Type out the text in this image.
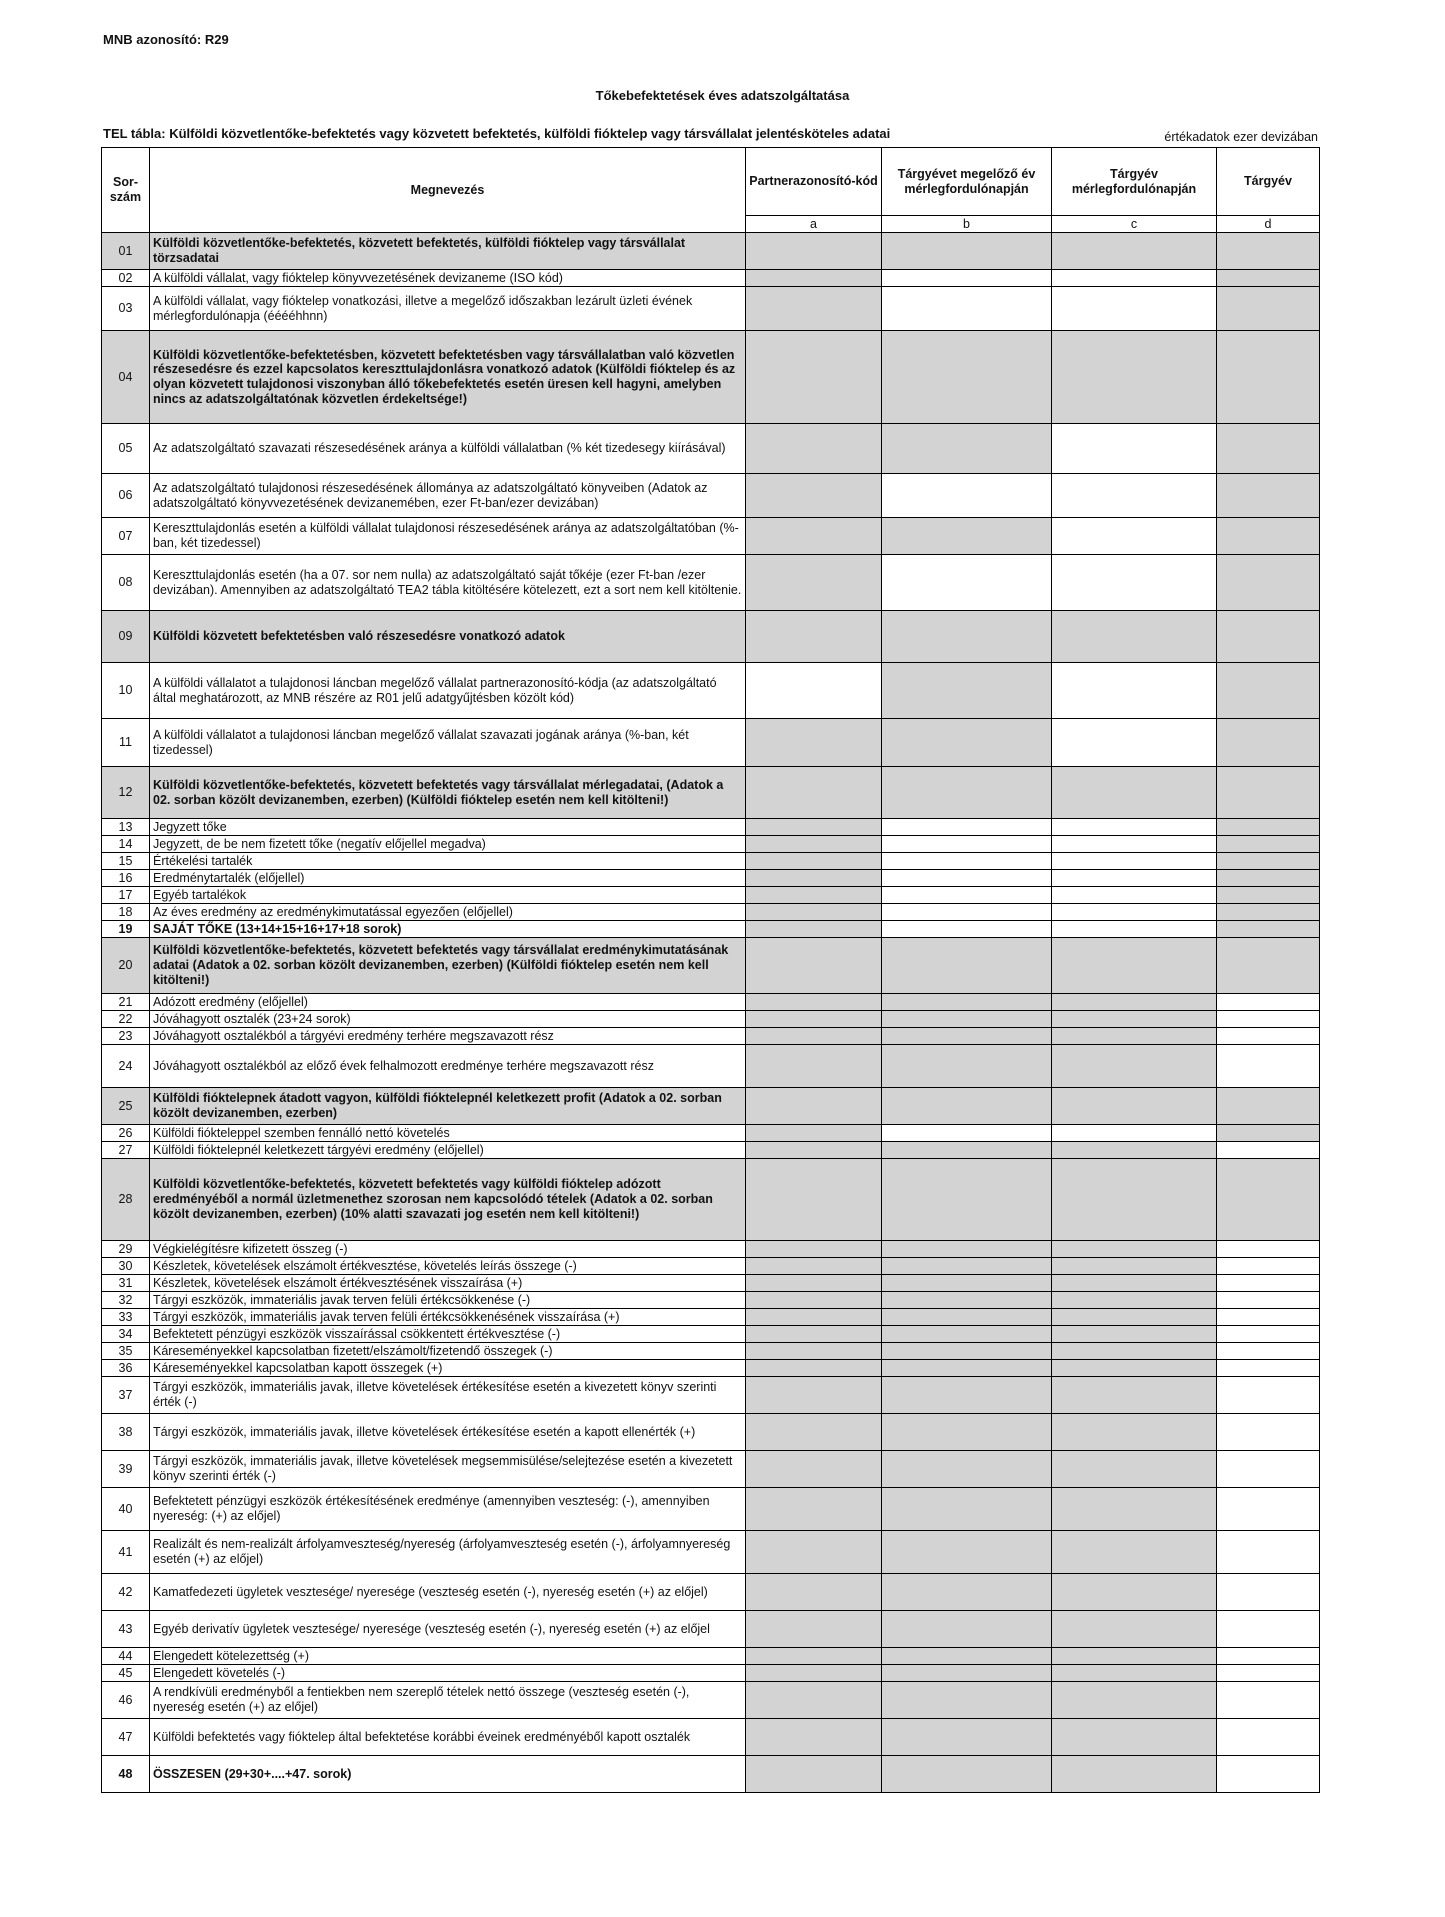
MNB azonosító: R29
Tőkebefektetések éves adatszolgáltatása
TEL tábla: Külföldi közvetlentőke-befektetés vagy közvetett befektetés, külföldi fióktelep vagy társvállalat jelentésköteles adatai	értékadatok ezer devizában
Sor-
szám	Megnevezés	Partnerazonosító-kód	Tárgyévet megelőző év mérlegfordulónapján	Tárgyév mérlegfordulónapján	Tárgyév
		a	b	c	d
01	Külföldi közvetlentőke-befektetés, közvetett befektetés, külföldi fióktelep vagy társvállalat törzsadatai				
02	A külföldi vállalat, vagy fióktelep könyvvezetésének devizaneme (ISO kód)				
03	A külföldi vállalat, vagy fióktelep vonatkozási, illetve a megelőző időszakban lezárult üzleti évének mérlegfordulónapja (ééééhhnn)				
04	Külföldi közvetlentőke-befektetésben, közvetett befektetésben vagy társvállalatban való közvetlen részesedésre és ezzel kapcsolatos kereszttulajdonlásra vonatkozó adatok (Külföldi fióktelep és az olyan közvetett tulajdonosi viszonyban álló tőkebefektetés esetén üresen kell hagyni, amelyben nincs az adatszolgáltatónak közvetlen érdekeltsége!)				
05	Az adatszolgáltató szavazati részesedésének aránya a külföldi vállalatban (% két tizedesegy kiírásával)				
06	Az adatszolgáltató tulajdonosi részesedésének állománya az adatszolgáltató könyveiben (Adatok az adatszolgáltató könyvvezetésének devizanemében, ezer Ft-ban/ezer devizában)				
07	Kereszttulajdonlás esetén a külföldi vállalat tulajdonosi részesedésének aránya az adatszolgáltatóban (%-ban, két tizedessel)				
08	Kereszttulajdonlás esetén (ha a 07. sor nem nulla) az adatszolgáltató saját tőkéje (ezer Ft-ban /ezer devizában). Amennyiben az adatszolgáltató TEA2 tábla kitöltésére kötelezett, ezt a sort nem kell kitöltenie.				
09	Külföldi közvetett befektetésben való részesedésre vonatkozó adatok				
10	A külföldi vállalatot a tulajdonosi láncban megelőző vállalat partnerazonosító-kódja (az adatszolgáltató által meghatározott, az MNB részére az R01 jelű adatgyűjtésben közölt kód)				
11	A külföldi vállalatot a tulajdonosi láncban megelőző vállalat szavazati jogának aránya (%-ban, két tizedessel)				
12	Külföldi közvetlentőke-befektetés, közvetett befektetés vagy társvállalat mérlegadatai, (Adatok a 02. sorban közölt devizanemben, ezerben) (Külföldi fióktelep esetén nem kell kitölteni!)				
13	Jegyzett tőke				
14	Jegyzett, de be nem fizetett tőke (negatív előjellel megadva)				
15	Értékelési tartalék				
16	Eredménytartalék (előjellel)				
17	Egyéb tartalékok				
18	Az éves eredmény az eredménykimutatással egyezően (előjellel)				
19	SAJÁT TŐKE (13+14+15+16+17+18 sorok)				
20	Külföldi közvetlentőke-befektetés, közvetett befektetés vagy társvállalat eredménykimutatásának adatai (Adatok a 02. sorban közölt devizanemben, ezerben) (Külföldi fióktelep esetén nem kell kitölteni!)				
21	Adózott eredmény (előjellel)				
22	Jóváhagyott osztalék (23+24 sorok)				
23	Jóváhagyott osztalékból a tárgyévi eredmény terhére megszavazott rész				
24	Jóváhagyott osztalékból az előző évek felhalmozott eredménye terhére megszavazott rész				
25	Külföldi fióktelepnek átadott vagyon, külföldi fióktelepnél keletkezett profit (Adatok a 02. sorban közölt devizanemben, ezerben)				
26	Külföldi fiókteleppel szemben fennálló nettó követelés				
27	Külföldi fióktelepnél keletkezett tárgyévi eredmény (előjellel)				
28	Külföldi közvetlentőke-befektetés, közvetett befektetés vagy külföldi fióktelep adózott eredményéből a normál üzletmenethez szorosan nem kapcsolódó tételek (Adatok a 02. sorban közölt devizanemben, ezerben) (10% alatti szavazati jog esetén nem kell kitölteni!)				
29	Végkielégítésre kifizetett összeg (-)				
30	Készletek, követelések elszámolt értékvesztése, követelés leírás összege (-)				
31	Készletek, követelések elszámolt értékvesztésének visszaírása (+)				
32	Tárgyi eszközök, immateriális javak terven felüli értékcsökkenése (-)				
33	Tárgyi eszközök, immateriális javak terven felüli értékcsökkenésének visszaírása (+)				
34	Befektetett pénzügyi eszközök visszaírással csökkentett értékvesztése (-)				
35	Káreseményekkel kapcsolatban fizetett/elszámolt/fizetendő összegek (-)				
36	Káreseményekkel kapcsolatban kapott összegek (+)				
37	Tárgyi eszközök, immateriális javak, illetve követelések értékesítése esetén a kivezetett könyv szerinti érték (-)				
38	Tárgyi eszközök, immateriális javak, illetve követelések értékesítése esetén a kapott ellenérték (+)				
39	Tárgyi eszközök, immateriális javak, illetve követelések megsemmisülése/selejtezése esetén a kivezetett könyv szerinti érték (-)				
40	Befektetett pénzügyi eszközök értékesítésének eredménye (amennyiben veszteség: (-), amennyiben nyereség: (+) az előjel)				
41	Realizált és nem-realizált árfolyamveszteség/nyereség (árfolyamveszteség esetén (-), árfolyamnyereség esetén (+) az előjel)				
42	Kamatfedezeti ügyletek vesztesége/ nyeresége (veszteség esetén (-), nyereség esetén (+) az előjel)				
43	Egyéb derivatív ügyletek vesztesége/ nyeresége (veszteség esetén (-), nyereség esetén (+) az előjel				
44	Elengedett kötelezettség (+)				
45	Elengedett követelés (-)				
46	A rendkívüli eredményből a fentiekben nem szereplő tételek nettó összege (veszteség esetén (-), nyereség esetén (+) az előjel)				
47	Külföldi befektetés vagy fióktelep által befektetése korábbi éveinek eredményéből kapott osztalék				
48	ÖSSZESEN (29+30+....+47. sorok)				
